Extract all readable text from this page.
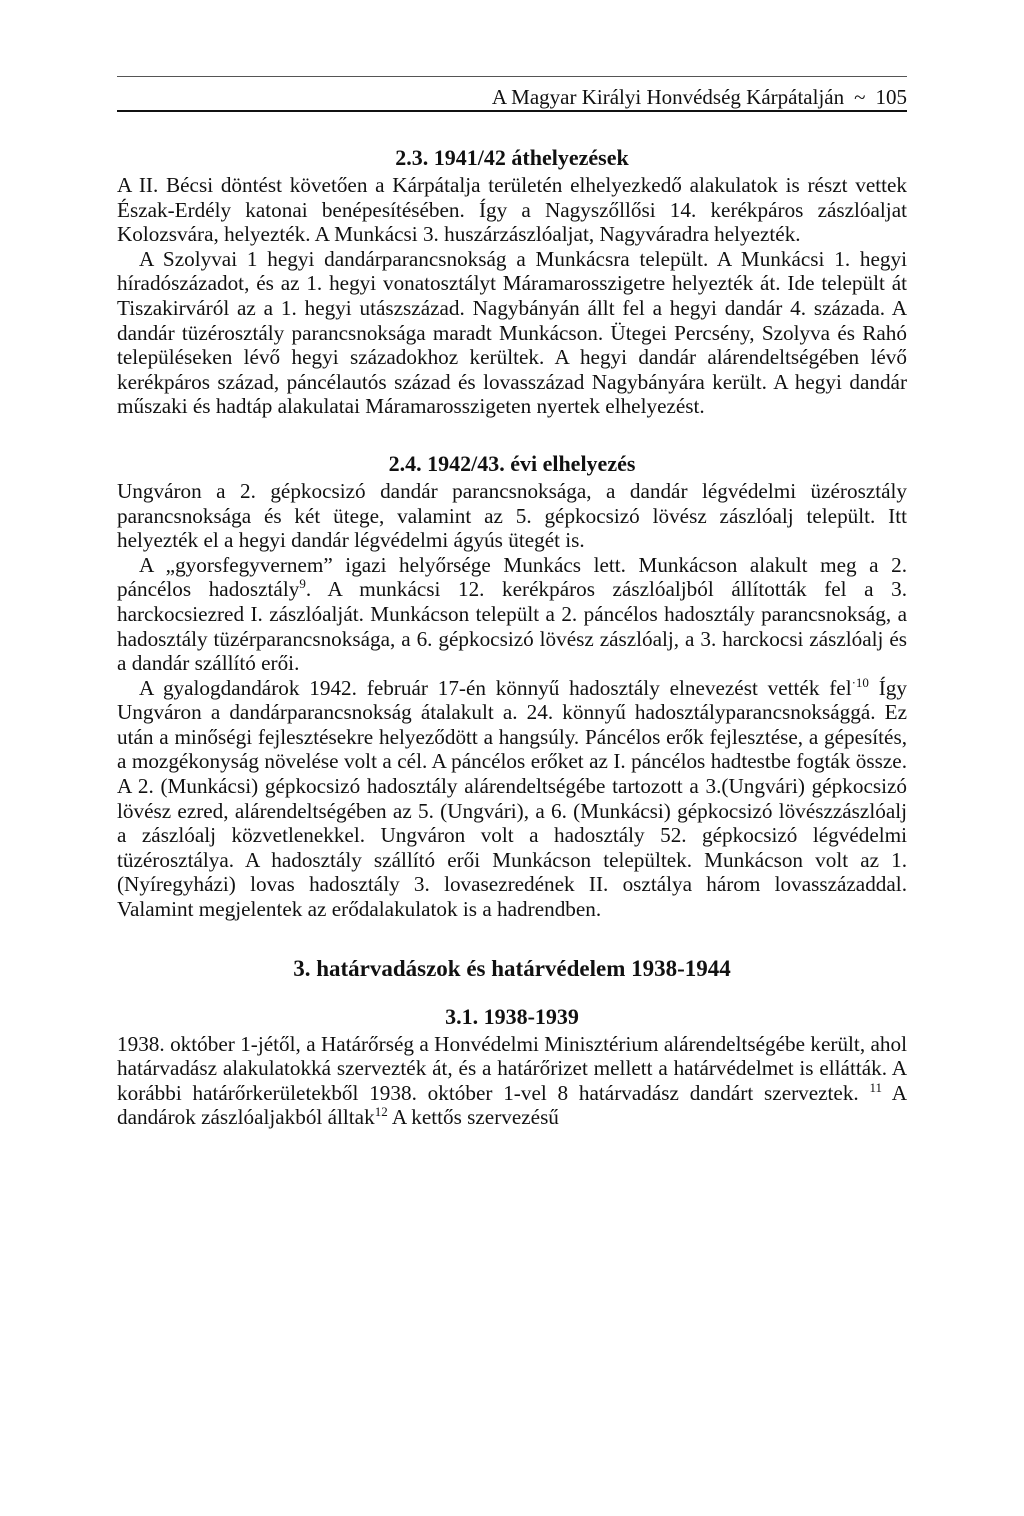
A Magyar Királyi Honvédség Kárpátalján ~ 105
2.3. 1941/42 áthelyezések

A II. Bécsi döntést követően a Kárpátalja területén elhelyezkedő alakulatok is részt vettek Észak-Erdély katonai benépesítésében. Így a Nagyszőllősi 14. kerékpáros zászlóaljat Kolozsvára, helyezték. A Munkácsi 3. huszárzászlóaljat, Nagyváradra helyezték.

A Szolyvai 1 hegyi dandárparancsnokság a Munkácsra települt. A Munkácsi 1. hegyi híradószázadot, és az 1. hegyi vonatosztályt Máramarosszigetre helyezték át. Ide települt át Tiszakirváról az a 1. hegyi utászszázad. Nagybányán állt fel a hegyi dandár 4. százada. A dandár tüzérosztály parancsnoksága maradt Munkácson. Ütegei Percsény, Szolyva és Rahó településeken lévő hegyi századokhoz kerültek. A hegyi dandár alárendeltségében lévő kerékpáros század, páncélautós század és lovasszázad Nagybányára került. A hegyi dandár műszaki és hadtáp alakulatai Máramarosszigeten nyertek elhelyezést.

2.4. 1942/43. évi elhelyezés

Ungváron a 2. gépkocsizó dandár parancsnoksága, a dandár légvédelmi üzérosztály parancsnoksága és két ütege, valamint az 5. gépkocsizó lövész zászlóalj települt. Itt helyezték el a hegyi dandár légvédelmi ágyús ütegét is.

A „gyorsfegyvernem” igazi helyőrsége Munkács lett. Munkácson alakult meg a 2. páncélos hadosztály$^9$. A munkácsi 12. kerékpáros zászlóaljból állították fel a 3. harckocsiezred I. zászlóalját. Munkácson települt a 2. páncélos hadosztály parancsnokság, a hadosztály tüzérparancsnoksága, a 6. gépkocsizó lövész zászlóalj, a 3. harckocsi zászlóalj és a dandár szállító erői.

A gyalogdandárok 1942. február 17-én könnyű hadosztály elnevezést vették fel$^{\cdot 10}$ Így Ungváron a dandárparancsnokság átalakult a. 24. könnyű hadosztályparancsnoksággá. Ez után a minőségi fejlesztésekre helyeződött a hangsúly. Páncélos erők fejlesztése, a gépesítés, a mozgékonyság növelése volt a cél. A páncélos erőket az I. páncélos hadtestbe fogták össze. A 2. (Munkácsi) gépkocsizó hadosztály alárendeltségébe tartozott a 3.(Ungvári) gépkocsizó lövész ezred, alárendeltségében az 5. (Ungvári), a 6. (Munkácsi) gépkocsizó lövészzászlóalj a zászlóalj közvetlenekkel. Ungváron volt a hadosztály 52. gépkocsizó légvédelmi tüzérosztálya. A hadosztály szállító erői Munkácson települtek. Munkácson volt az 1. (Nyíregyházi) lovas hadosztály 3. lovasezredének II. osztálya három lovasszázaddal. Valamint megjelentek az erődalakulatok is a hadrendben.

3. határvadászok és határvédelem 1938-1944
3.1. 1938-1939

1938. október 1-jétől, a Határőrség a Honvédelmi Minisztérium alárendeltségébe került, ahol határvadász alakulatokká szervezték át, és a határőrizet mellett a határvédelmet is ellátták. A korábbi határőrkerületekből 1938. október 1-vel 8 határvadász dandárt szerveztek. $^{11}$ A dandárok zászlóaljakból álltak$^{12}$ A kettős szervezésű
